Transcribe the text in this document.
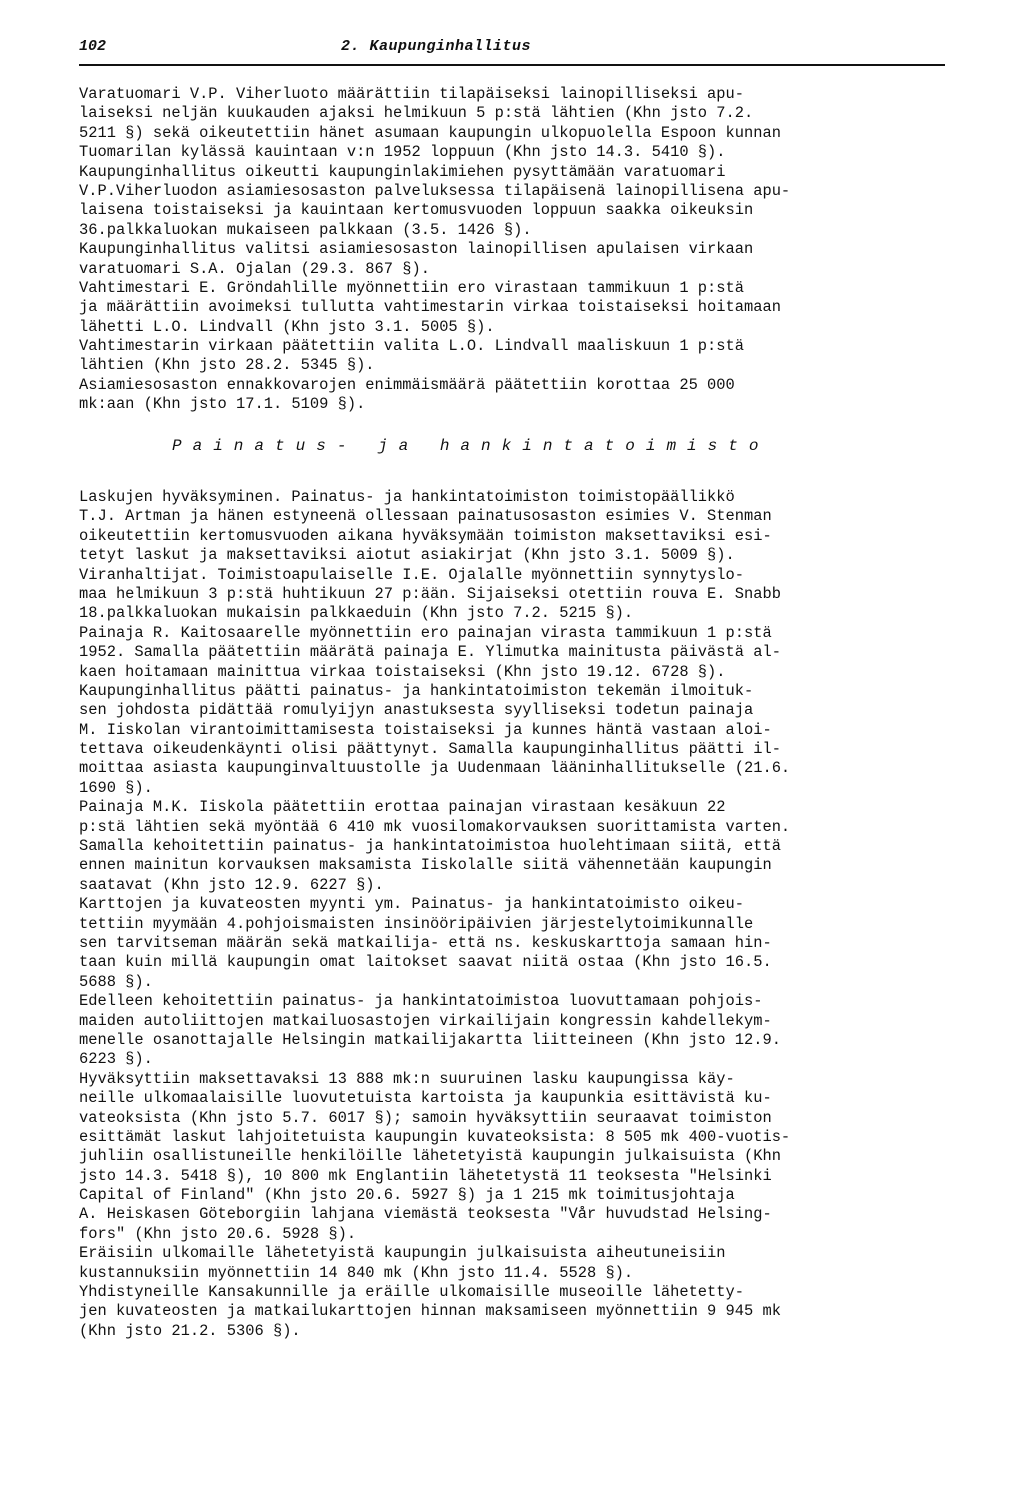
102	2. Kaupunginhallitus
Varatuomari V.P. Viherluoto määrättiin tilapäiseksi lainopilliseksi apu-
laiseksi neljän kuukauden ajaksi helmikuun 5 p:stä lähtien (Khn jsto 7.2.
5211 §) sekä oikeutettiin hänet asumaan kaupungin ulkopuolella Espoon kunnan
Tuomarilan kylässä kauintaan v:n 1952 loppuun (Khn jsto 14.3. 5410 §).
Kaupunginhallitus oikeutti kaupunginlakimiehen pysyttämään varatuomari
V.P.Viherluodon asiamiesosaston palveluksessa tilapäisenä lainopillisena apu-
laisena toistaiseksi ja kauintaan kertomusvuoden loppuun saakka oikeuksin
36.palkkaluokan mukaiseen palkkaan (3.5. 1426 §).
Kaupunginhallitus valitsi asiamiesosaston lainopillisen apulaisen virkaan
varatuomari S.A. Ojalan (29.3. 867 §).
Vahtimestari E. Gröndahlille myönnettiin ero virastaan tammikuun 1 p:stä
ja määrättiin avoimeksi tullutta vahtimestarin virkaa toistaiseksi hoitamaan
lähetti L.O. Lindvall (Khn jsto 3.1. 5005 §).
Vahtimestarin virkaan päätettiin valita L.O. Lindvall maaliskuun 1 p:stä
lähtien (Khn jsto 28.2. 5345 §).
Asiamiesosaston ennakkovarojen enimmäismäärä päätettiin korottaa 25 000
mk:aan (Khn jsto 17.1. 5109 §).
Painatus- ja hankintatoimisto
Laskujen hyväksyminen. Painatus- ja hankintatoimiston toimistopäällikkö
T.J. Artman ja hänen estyneenä ollessaan painatusosaston esimies V. Stenman
oikeutettiin kertomusvuoden aikana hyväksymään toimiston maksettaviksi esi-
tetyt laskut ja maksettaviksi aiotut asiakirjat (Khn jsto 3.1. 5009 §).
Viranhaltijat. Toimistoapulaiselle I.E. Ojalalle myönnettiin synnytyslo-
maa helmikuun 3 p:stä huhtikuun 27 p:ään. Sijaiseksi otettiin rouva E. Snabb
18.palkkaluokan mukaisin palkkaeduin (Khn jsto 7.2. 5215 §).
Painaja R. Kaitosaarelle myönnettiin ero painajan virasta tammikuun 1 p:stä
1952. Samalla päätettiin määrätä painaja E. Ylimutka mainitusta päivästä al-
kaen hoitamaan mainittua virkaa toistaiseksi (Khn jsto 19.12. 6728 §).
Kaupunginhallitus päätti painatus- ja hankintatoimiston tekemän ilmoituk-
sen johdosta pidättää romulyijyn anastuksesta syylliseksi todetun painaja
M. Iiskolan virantoimittamisesta toistaiseksi ja kunnes häntä vastaan aloi-
tettava oikeudenkäynti olisi päättynyt. Samalla kaupunginhallitus päätti il-
moittaa asiasta kaupunginvaltuustolle ja Uudenmaan lääninhallitukselle (21.6.
1690 §).
Painaja M.K. Iiskola päätettiin erottaa painajan virastaan kesäkuun 22
p:stä lähtien sekä myöntää 6 410 mk vuosilomakorvauksen suorittamista varten.
Samalla kehoitettiin painatus- ja hankintatoimistoa huolehtimaan siitä, että
ennen mainitun korvauksen maksamista Iiskolalle siitä vähennetään kaupungin
saatavat (Khn jsto 12.9. 6227 §).
Karttojen ja kuvateosten myynti ym. Painatus- ja hankintatoimisto oikeu-
tettiin myymään 4.pohjoismaisten insinööripäivien järjestelytoimikunnalle
sen tarvitseman määrän sekä matkailija- että ns. keskuskarttoja samaan hin-
taan kuin millä kaupungin omat laitokset saavat niitä ostaa (Khn jsto 16.5.
5688 §).
Edelleen kehoitettiin painatus- ja hankintatoimistoa luovuttamaan pohjois-
maiden autoliittojen matkailuosastojen virkailijain kongressin kahdellekym-
menelle osanottajalle Helsingin matkailijakartta liitteineen (Khn jsto 12.9.
6223 §).
Hyväksyttiin maksettavaksi 13 888 mk:n suuruinen lasku kaupungissa käy-
neille ulkomaalaisille luovutetuista kartoista ja kaupunkia esittävistä ku-
vateoksista (Khn jsto 5.7. 6017 §); samoin hyväksyttiin seuraavat toimiston
esittämät laskut lahjoitetuista kaupungin kuvateoksista: 8 505 mk 400-vuotis-
juhliin osallistuneille henkilöille lähetetyistä kaupungin julkaisuista (Khn
jsto 14.3. 5418 §), 10 800 mk Englantiin lähetetystä 11 teoksesta "Helsinki
Capital of Finland" (Khn jsto 20.6. 5927 §) ja 1 215 mk toimitusjohtaja
A. Heiskasen Göteborgiin lahjana viemästä teoksesta "Vår huvudstad Helsing-
fors" (Khn jsto 20.6. 5928 §).
Eräisiin ulkomaille lähetetyistä kaupungin julkaisuista aiheutuneisiin
kustannuksiin myönnettiin 14 840 mk (Khn jsto 11.4. 5528 §).
Yhdistyneille Kansakunnille ja eräille ulkomaisille museoille lähetetty-
jen kuvateosten ja matkailukarttojen hinnan maksamiseen myönnettiin 9 945 mk
(Khn jsto 21.2. 5306 §).
